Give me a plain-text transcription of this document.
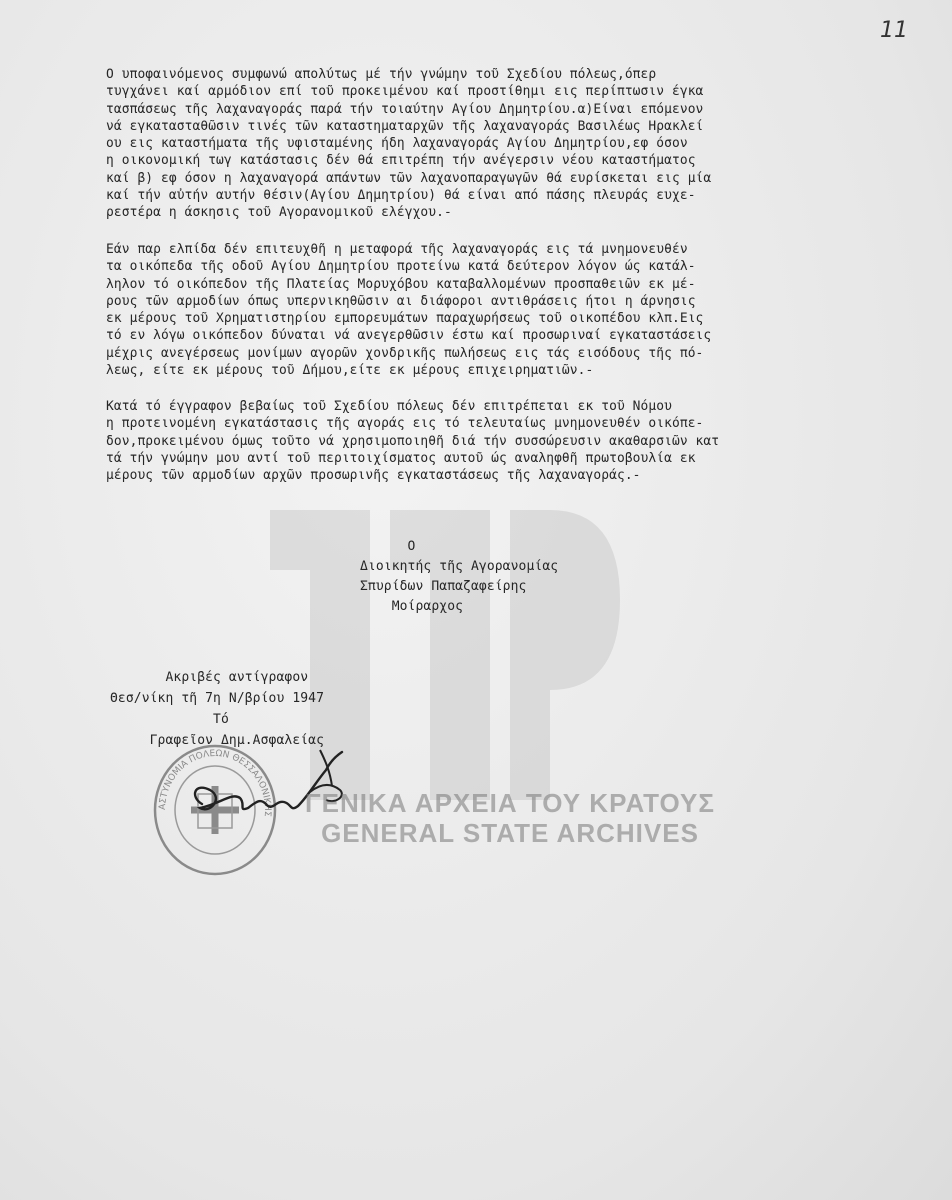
11
Ο υποφαινόμενος συμφωνώ απολύτως μέ τήν γνώμην τοῦ Σχεδίου πόλεως,όπερ
τυγχάνει καί αρμόδιον επί τοῦ προκειμένου καί προστίθημι εις περίπτωσιν έγκα
τασπάσεως τῆς λαχαναγοράς παρά τήν τοιαύτην Αγίου Δημητρίου.α)Είναι επόμενον
νά εγκατασταθῶσιν τινές τῶν καταστηματαρχῶν τῆς λαχαναγοράς Βασιλέως Ηρακλεί
ου εις καταστήματα τῆς υφισταμένης ήδη λαχαναγοράς Αγίου Δημητρίου,εφ όσον
η οικονομική τωγ κατάστασις δέν θά επιτρέπη τήν ανέγερσιν νέου καταστήματος
καί β) εφ όσον η λαχαναγορά απάντων τῶν λαχανοπαραγωγῶν θά ευρίσκεται εις μία
καί τήν αὐτήν αυτήν θέσιν(Αγίου Δημητρίου) θά είναι από πάσης πλευράς ευχε-
ρεστέρα η άσκησις τοῦ Αγορανομικοῦ ελέγχου.-
Εάν παρ ελπίδα δέν επιτευχθῆ η μεταφορά τῆς λαχαναγοράς εις τά μνημονευθέν
τα οικόπεδα τῆς οδοῦ Αγίου Δημητρίου προτείνω κατά δεύτερον λόγον ώς κατάλ-
ληλον τό οικόπεδον τῆς Πλατείας Μορυχόβου καταβαλλομένων προσπαθειῶν εκ μέ-
ρους τῶν αρμοδίων όπως υπερνικηθῶσιν αι διάφοροι αντιθράσεις ήτοι η άρνησις
εκ μέρους τοῦ Χρηματιστηρίου εμπορευμάτων παραχωρήσεως τοῦ οικοπέδου κλπ.Εις
τό εν λόγω οικόπεδον δύναται νά ανεγερθῶσιν έστω καί προσωριναί εγκαταστάσεις
μέχρις ανεγέρσεως μονίμων αγορῶν χονδρικῆς πωλήσεως εις τάς εισόδους τῆς πό-
λεως, είτε εκ μέρους τοῦ Δήμου,είτε εκ μέρους επιχειρηματιῶν.-
Κατά τό έγγραφον βεβαίως τοῦ Σχεδίου πόλεως δέν επιτρέπεται εκ τοῦ Νόμου
η προτεινομένη εγκατάστασις τῆς αγοράς εις τό τελευταίως μνημονευθέν οικόπε-
δον,προκειμένου όμως τοῦτο νά χρησιμοποιηθῆ διά τήν συσσώρευσιν ακαθαρσιῶν κατ
τά τήν γνώμην μου αντί τοῦ περιτοιχίσματος αυτοῦ ώς αναληφθῆ πρωτοβουλία εκ
μέρους τῶν αρμοδίων αρχῶν προσωρινῆς εγκαταστάσεως τῆς λαχαναγοράς.-
Ο
Διοικητής τῆς Αγορανομίας
Σπυρίδων Παπαζαφείρης
Μοίραρχος
Ακριβές αντίγραφον
Θεσ/νίκη τῆ 7η Ν/βρίου 1947
Τό
Γραφεῖον Δημ.Ασφαλείας
ΑΣΤΥΝΟΜΙΑ ΠΟΛΕΩΝ ΘΕΣΣΑΛΟΝΙΚΗΣ	ΓΕΝΙΚΑ ΑΡΧΕΙΑ ΤΟΥ ΚΡΑΤΟΥΣ
GENERAL STATE ARCHIVES
